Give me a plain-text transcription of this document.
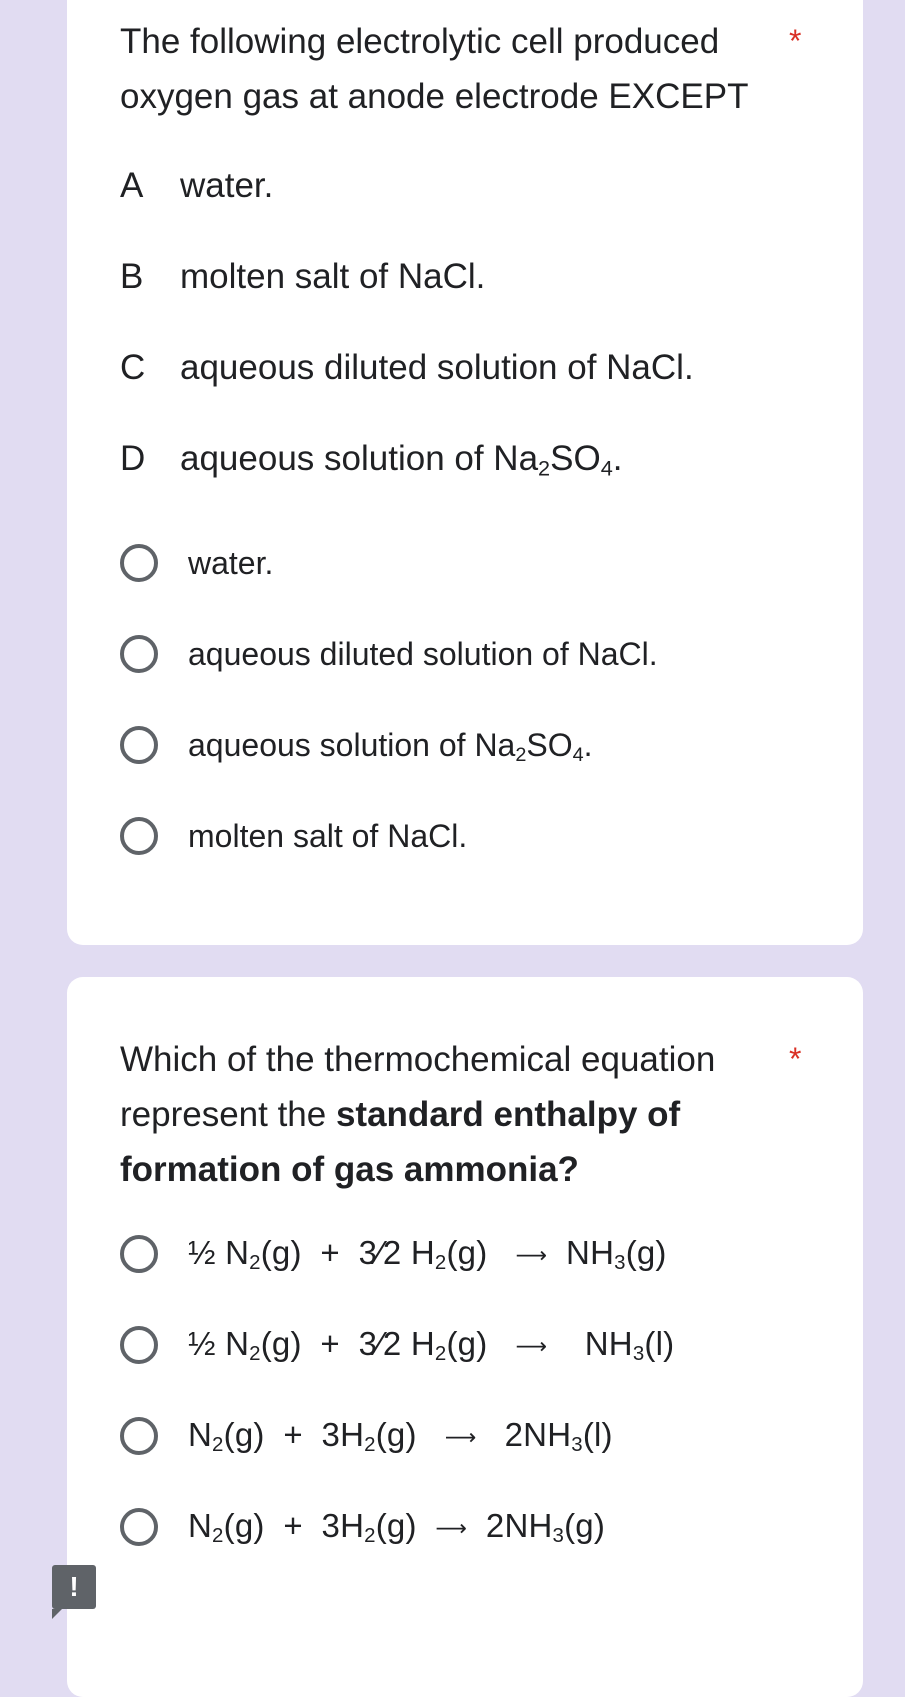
The following electrolytic cell produced oxygen gas at anode electrode EXCEPT
*
A water.
B molten salt of NaCl.
C aqueous diluted solution of NaCl.
D aqueous solution of $Na_2SO_4$.
water.
aqueous diluted solution of NaCl.
aqueous solution of $Na_2SO_4$.
molten salt of NaCl.
Which of the thermochemical equation represent the standard enthalpy of formation of gas ammonia?
*
½ $N_2(g)$ + 3⁄2 $H_2(g)$ ⟶ $NH_3(g)$
½ $N_2(g)$ + 3⁄2 $H_2(g)$ ⟶ $NH_3(l)$
$N_2(g) + 3H_2(g)$ ⟶ $2NH_3(l)$
$N_2(g) + 3H_2(g)$ ⟶ $2NH_3(g)$
!
